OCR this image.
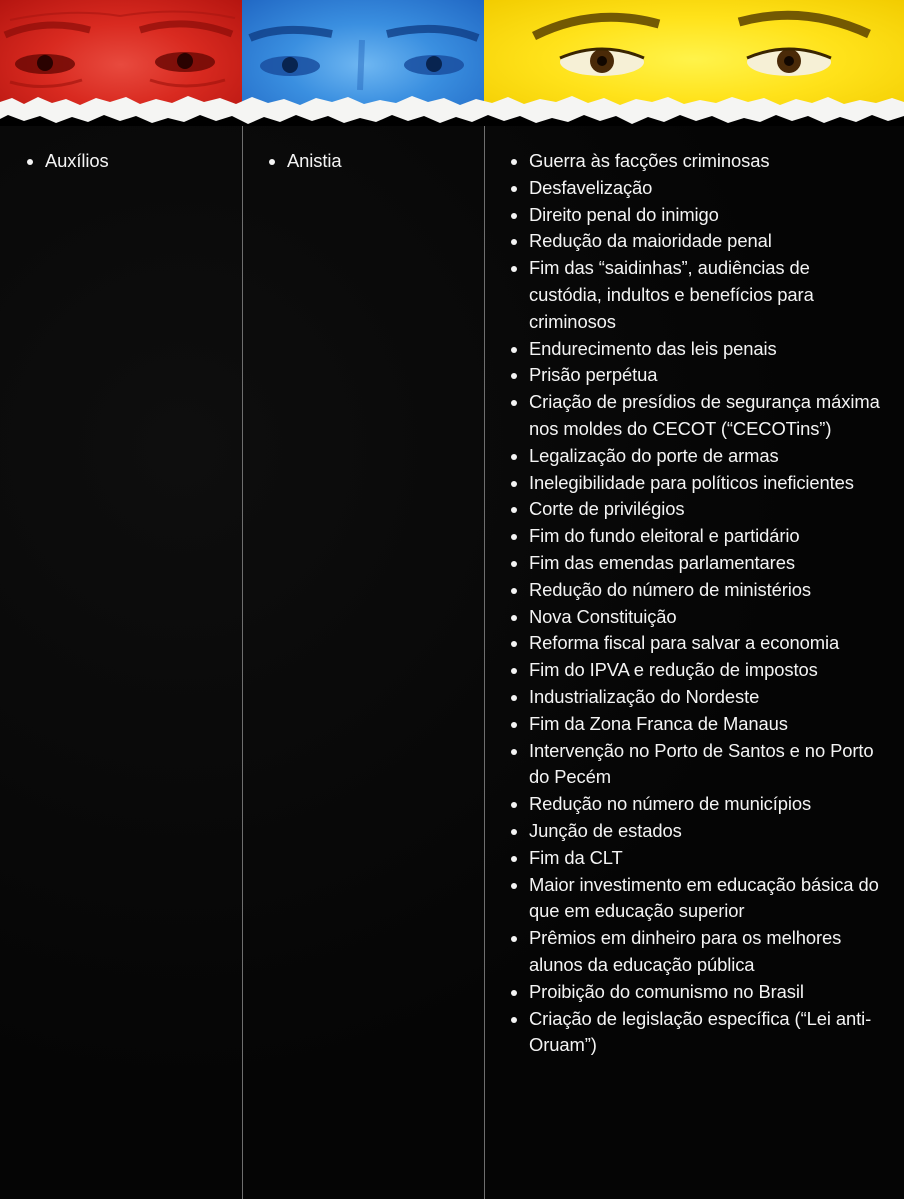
Auxílios	Anistia	Guerra às facções criminosas
Desfavelização
Direito penal do inimigo
Redução da maioridade penal
Fim das “saidinhas”, audiências de custódia, indultos e benefícios para criminosos
Endurecimento das leis penais
Prisão perpétua
Criação de presídios de segurança máxima nos moldes do CECOT (“CECOTins”)
Legalização do porte de armas
Inelegibilidade para políticos ineficientes
Corte de privilégios
Fim do fundo eleitoral e partidário
Fim das emendas parlamentares
Redução do número de ministérios
Nova Constituição
Reforma fiscal para salvar a economia
Fim do IPVA e redução de impostos
Industrialização do Nordeste
Fim da Zona Franca de Manaus
Intervenção no Porto de Santos e no Porto do Pecém
Redução no número de municípios
Junção de estados
Fim da CLT
Maior investimento em educação básica do que em educação superior
Prêmios em dinheiro para os melhores alunos da educação pública
Proibição do comunismo no Brasil
Criação de legislação específica (“Lei anti-Oruam”)
